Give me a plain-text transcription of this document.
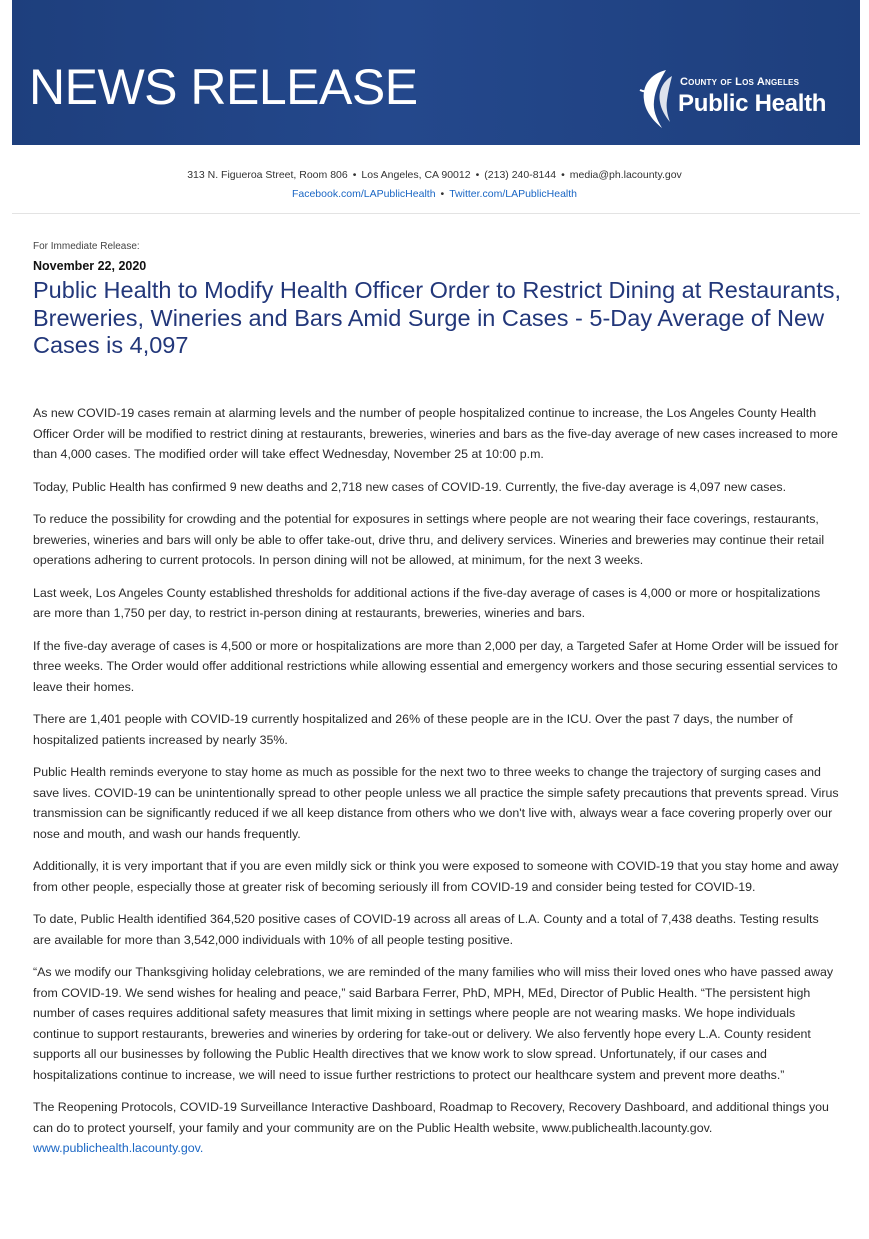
NEWS RELEASE	County of Los Angeles
Public Health
313 N. Figueroa Street, Room 806 • Los Angeles, CA 90012 • (213) 240-8144 • media@ph.lacounty.gov
Facebook.com/LAPublicHealth • Twitter.com/LAPublicHealth
For Immediate Release:
November 22, 2020
Public Health to Modify Health Officer Order to Restrict Dining at Restaurants, Breweries, Wineries and Bars Amid Surge in Cases - 5-Day Average of New Cases is 4,097

As new COVID-19 cases remain at alarming levels and the number of people hospitalized continue to increase, the Los Angeles County Health Officer Order will be modified to restrict dining at restaurants, breweries, wineries and bars as the five-day average of new cases increased to more than 4,000 cases. The modified order will take effect Wednesday, November 25 at 10:00 p.m.

Today, Public Health has confirmed 9 new deaths and 2,718 new cases of COVID-19. Currently, the five-day average is 4,097 new cases.

To reduce the possibility for crowding and the potential for exposures in settings where people are not wearing their face coverings, restaurants, breweries, wineries and bars will only be able to offer take-out, drive thru, and delivery services. Wineries and breweries may continue their retail operations adhering to current protocols. In person dining will not be allowed, at minimum, for the next 3 weeks.

Last week, Los Angeles County established thresholds for additional actions if the five-day average of cases is 4,000 or more or hospitalizations are more than 1,750 per day, to restrict in-person dining at restaurants, breweries, wineries and bars.

If the five-day average of cases is 4,500 or more or hospitalizations are more than 2,000 per day, a Targeted Safer at Home Order will be issued for three weeks. The Order would offer additional restrictions while allowing essential and emergency workers and those securing essential services to leave their homes.

There are 1,401 people with COVID-19 currently hospitalized and 26% of these people are in the ICU. Over the past 7 days, the number of hospitalized patients increased by nearly 35%.

Public Health reminds everyone to stay home as much as possible for the next two to three weeks to change the trajectory of surging cases and save lives. COVID-19 can be unintentionally spread to other people unless we all practice the simple safety precautions that prevents spread. Virus transmission can be significantly reduced if we all keep distance from others who we don't live with, always wear a face covering properly over our nose and mouth, and wash our hands frequently.

Additionally, it is very important that if you are even mildly sick or think you were exposed to someone with COVID-19 that you stay home and away from other people, especially those at greater risk of becoming seriously ill from COVID-19 and consider being tested for COVID-19.

To date, Public Health identified 364,520 positive cases of COVID-19 across all areas of L.A. County and a total of 7,438 deaths. Testing results are available for more than 3,542,000 individuals with 10% of all people testing positive.

“As we modify our Thanksgiving holiday celebrations, we are reminded of the many families who will miss their loved ones who have passed away from COVID-19. We send wishes for healing and peace,” said Barbara Ferrer, PhD, MPH, MEd, Director of Public Health. “The persistent high number of cases requires additional safety measures that limit mixing in settings where people are not wearing masks. We hope individuals continue to support restaurants, breweries and wineries by ordering for take-out or delivery. We also fervently hope every L.A. County resident supports all our businesses by following the Public Health directives that we know work to slow spread. Unfortunately, if our cases and hospitalizations continue to increase, we will need to issue further restrictions to protect our healthcare system and prevent more deaths.”

The Reopening Protocols, COVID-19 Surveillance Interactive Dashboard, Roadmap to Recovery, Recovery Dashboard, and additional things you can do to protect yourself, your family and your community are on the Public Health website, www.publichealth.lacounty.gov. www.publichealth.lacounty.gov.
